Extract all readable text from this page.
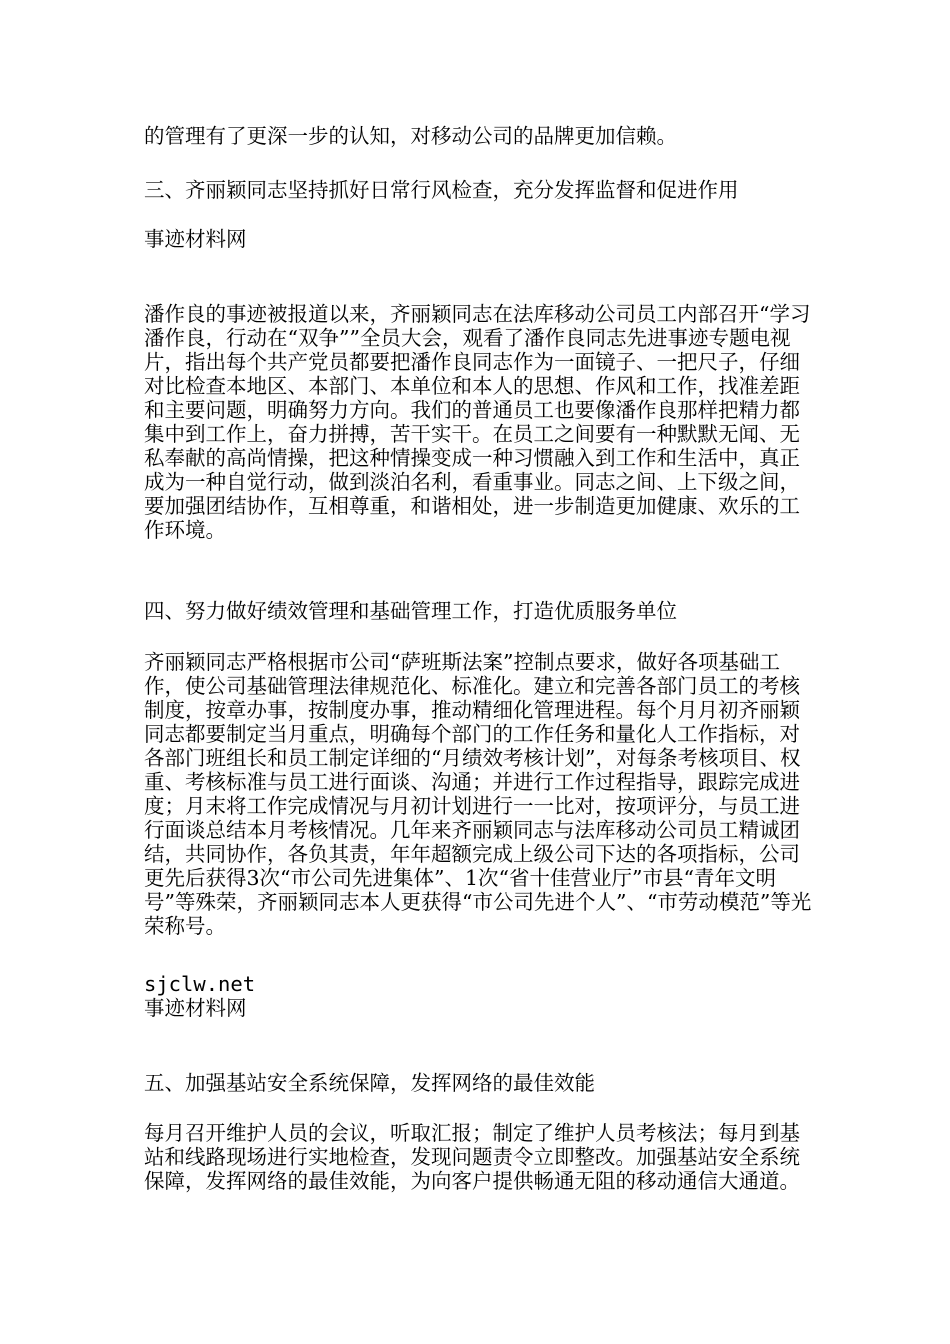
的管理有了更深一步的认知，对移动公司的品牌更加信赖。

三、齐丽颖同志坚持抓好日常行风检查，充分发挥监督和促进作用

事迹材料网

潘作良的事迹被报道以来，齐丽颖同志在法库移动公司员工内部召开“学习潘作良，行动在“双争””全员大会，观看了潘作良同志先进事迹专题电视片，指出每个共产党员都要把潘作良同志作为一面镜子、一把尺子，仔细对比检查本地区、本部门、本单位和本人的思想、作风和工作，找准差距和主要问题，明确努力方向。我们的普通员工也要像潘作良那样把精力都集中到工作上，奋力拼搏，苦干实干。在员工之间要有一种默默无闻、无私奉献的高尚情操，把这种情操变成一种习惯融入到工作和生活中，真正成为一种自觉行动，做到淡泊名利，看重事业。同志之间、上下级之间，要加强团结协作，互相尊重，和谐相处，进一步制造更加健康、欢乐的工作环境。

四、努力做好绩效管理和基础管理工作，打造优质服务单位

齐丽颖同志严格根据市公司“萨班斯法案”控制点要求，做好各项基础工作，使公司基础管理法律规范化、标准化。建立和完善各部门员工的考核制度，按章办事，按制度办事，推动精细化管理进程。每个月月初齐丽颖同志都要制定当月重点，明确每个部门的工作任务和量化人工作指标，对各部门班组长和员工制定详细的“月绩效考核计划”，对每条考核项目、权重、考核标准与员工进行面谈、沟通；并进行工作过程指导，跟踪完成进度；月末将工作完成情况与月初计划进行一一比对，按项评分，与员工进行面谈总结本月考核情况。几年来齐丽颖同志与法库移动公司员工精诚团结，共同协作，各负其责，年年超额完成上级公司下达的各项指标，公司更先后获得3次“市公司先进集体”、1次“省十佳营业厅”市县“青年文明号”等殊荣，齐丽颖同志本人更获得“市公司先进个人”、“市劳动模范”等光荣称号。

sjclw.net

事迹材料网

五、加强基站安全系统保障，发挥网络的最佳效能

每月召开维护人员的会议，听取汇报；制定了维护人员考核法；每月到基站和线路现场进行实地检查，发现问题责令立即整改。加强基站安全系统保障，发挥网络的最佳效能，为向客户提供畅通无阻的移动通信大通道。
